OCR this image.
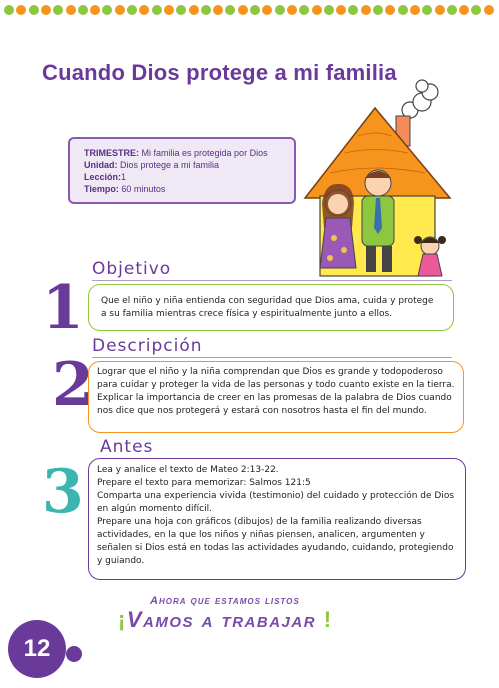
Cuando Dios protege a mi familia
TRIMESTRE: Mi familia es protegida por Dios
Unidad: Dios protege a mi familia
Lección:1
Tiempo: 60 minutos
Objetivo
1	Que el niño y niña entienda con seguridad que Dios ama, cuida y protege a su familia mientras crece física y espiritualmente junto a ellos.
Descripción
2 Lograr que el niño y la niña comprendan que Dios es grande y todopoderoso para cuidar y proteger la vida de las personas y todo cuanto existe en la tierra. Explicar la importancia de creer en las promesas de la palabra de Dios cuando nos dice que nos protegerá y estará con nosotros hasta el fin del mundo.
Antes
3 Lea y analice el texto de Mateo 2:13-22.
Prepare el texto para memorizar: Salmos 121:5
Comparta una experiencia vivida (testimonio) del cuidado y protección de Dios en algún momento difícil.
Prepare una hoja con gráficos (dibujos) de la familia realizando diversas actividades, en la que los niños y niñas piensen, analicen, argumenten y señalen si Dios está en todas las actividades ayudando, cuidando, protegiendo y guiando.
Ahora que estamos listos
¡Vamos a trabajar !
12
